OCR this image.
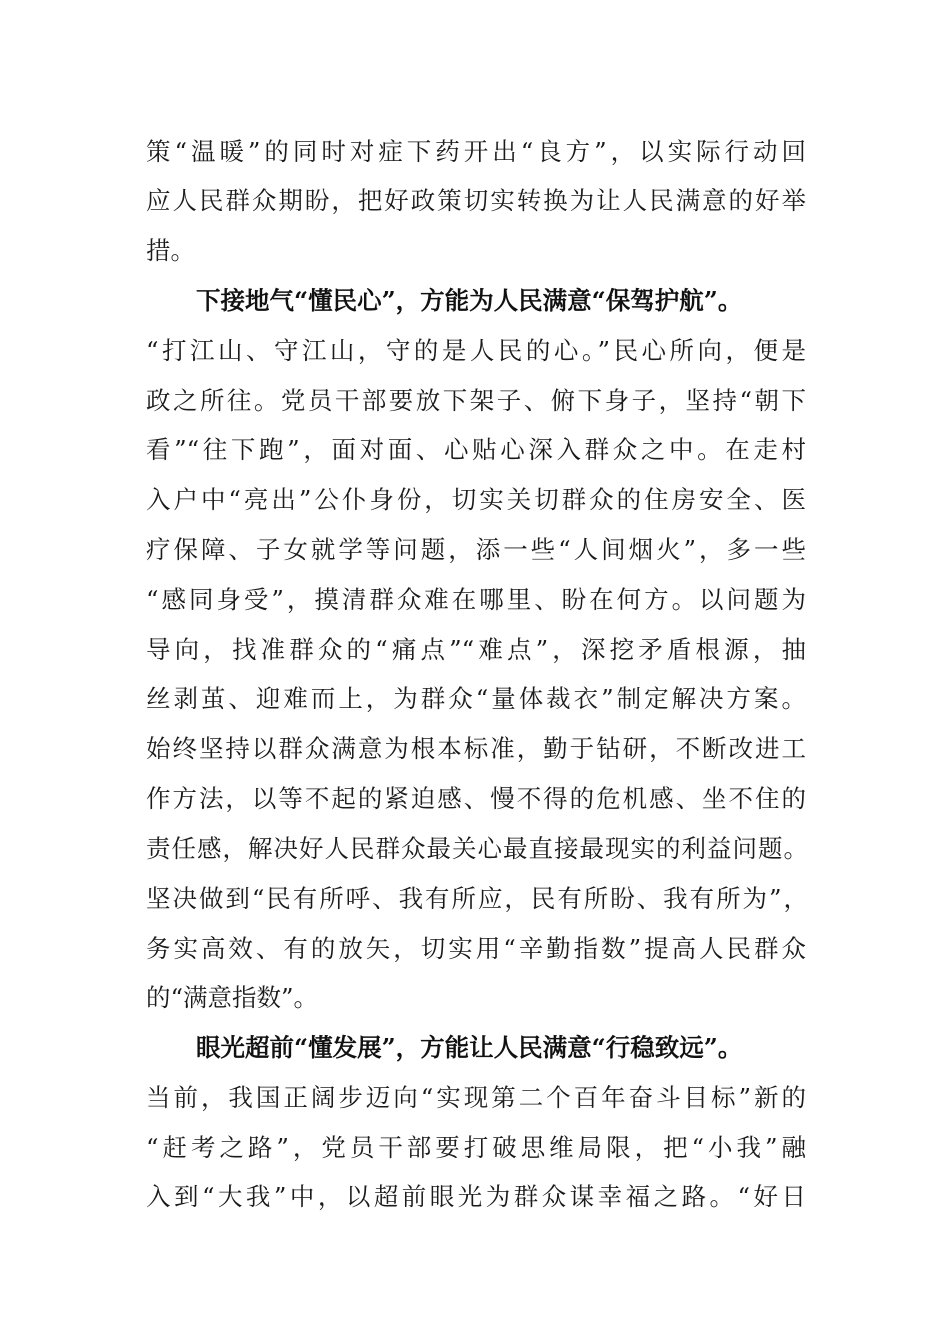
策“温暖”的同时对症下药开出“良方”，以实际行动回
应人民群众期盼，把好政策切实转换为让人民满意的好举
措。
下接地气“懂民心”，方能为人民满意“保驾护航”。
“打江山、守江山，守的是人民的心。”民心所向，便是
政之所往。党员干部要放下架子、俯下身子，坚持“朝下
看”“往下跑”，面对面、心贴心深入群众之中。在走村
入户中“亮出”公仆身份，切实关切群众的住房安全、医
疗保障、子女就学等问题，添一些“人间烟火”，多一些
“感同身受”，摸清群众难在哪里、盼在何方。以问题为
导向，找准群众的“痛点”“难点”，深挖矛盾根源，抽
丝剥茧、迎难而上，为群众“量体裁衣”制定解决方案。
始终坚持以群众满意为根本标准，勤于钻研，不断改进工
作方法，以等不起的紧迫感、慢不得的危机感、坐不住的
责任感，解决好人民群众最关心最直接最现实的利益问题。
坚决做到“民有所呼、我有所应，民有所盼、我有所为”，
务实高效、有的放矢，切实用“辛勤指数”提高人民群众
的“满意指数”。
眼光超前“懂发展”，方能让人民满意“行稳致远”。
当前，我国正阔步迈向“实现第二个百年奋斗目标”新的
“赶考之路”，党员干部要打破思维局限，把“小我”融
入到“大我”中，以超前眼光为群众谋幸福之路。“好日
